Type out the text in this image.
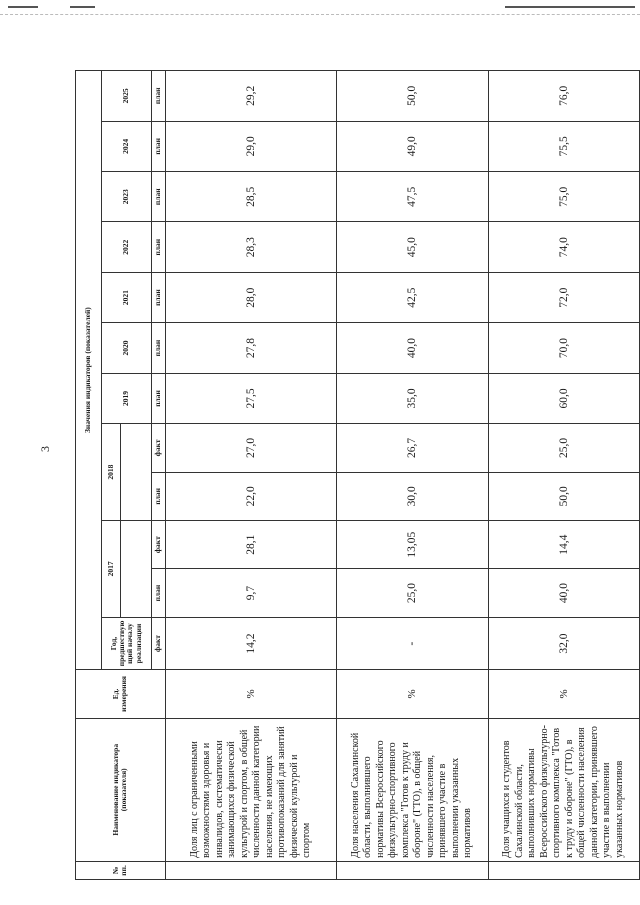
3
№ пп.	Наименование индикатора (показателя)	Ед. измерения	Значения индикаторов (показателей)											
			Год, предшествую щий началу реализации	2017		2018		2019	2020	2021	2022	2023	2024	2025

			факт	план	факт	план	факт	план	план	план	план	план	план	план
	Доля лиц с ограниченными возможностями здоровья и инвалидов, систематически занимающихся физической культурой и спортом, в общей численности данной категории населения, не имеющих противопоказаний для занятий физической культурой и спортом	%	14,2	9,7	28,1	22,0	27,0	27,5	27,8	28,0	28,3	28,5	29,0	29,2
	Доля населения Сахалинской области, выполнившего нормативы Всероссийского физкультурно-спортивного комплекса "Готов к труду и обороне" (ГТО), в общей численности населения, принявшего участие в выполнении указанных нормативов	%	-	25,0	13,05	30,0	26,7	35,0	40,0	42,5	45,0	47,5	49,0	50,0
	Доля учащихся и студентов Сахалинской области, выполнивших нормативы Всероссийского физкультурно-спортивного комплекса "Готов к труду и обороне" (ГТО), в общей численности населения данной категории, принявшего участие в выполнении указанных нормативов	%	32,0	40,0	14,4	50,0	25,0	60,0	70,0	72,0	74,0	75,0	75,5	76,0
